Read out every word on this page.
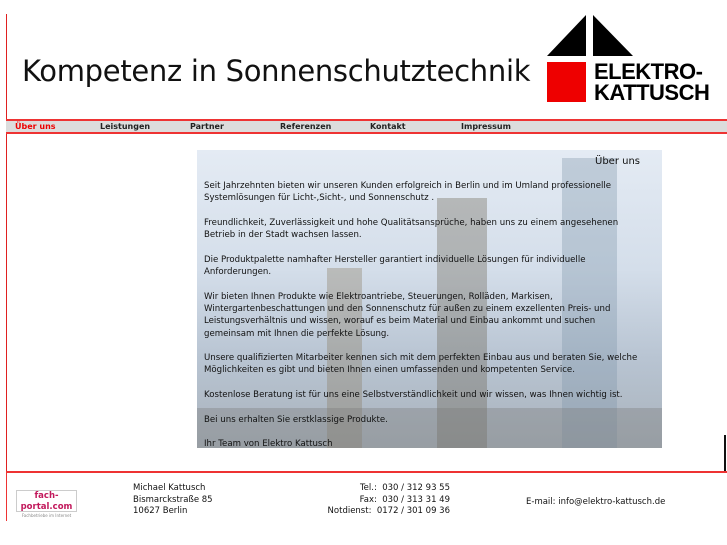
Kompetenz in Sonnenschutztechnik	ELEKTRO-
KATTUSCH
Über uns	Leistungen	Partner	Referenzen	Kontakt	Impressum
Über uns

Seit Jahrzehnten bieten wir unseren Kunden erfolgreich in Berlin und im Umland professionelle
Systemlösungen für Licht-,Sicht-, und Sonnenschutz .

Freundlichkeit, Zuverlässigkeit und hohe Qualitätsansprüche, haben uns zu einem angesehenen
Betrieb in der Stadt wachsen lassen.

Die Produktpalette namhafter Hersteller garantiert individuelle Lösungen für individuelle
Anforderungen.

Wir bieten Ihnen Produkte wie Elektroantriebe, Steuerungen, Rolläden, Markisen,
Wintergartenbeschattungen und den Sonnenschutz für außen zu einem exzellenten Preis- und
Leistungsverhältnis und wissen, worauf es beim Material und Einbau ankommt und suchen
gemeinsam mit Ihnen die perfekte Lösung.

Unsere qualifizierten Mitarbeiter kennen sich mit dem perfekten Einbau aus und beraten Sie, welche
Möglichkeiten es gibt und bieten Ihnen einen umfassenden und kompetenten Service.

Kostenlose Beratung ist für uns eine Selbstverständlichkeit und wir wissen, was Ihnen wichtig ist.

Bei uns erhalten Sie erstklassige Produkte.

Ihr Team von Elektro Kattusch

fach-portal.com
Fachbetriebe im Internet
Michael Kattusch
Bismarckstraße 85
10627 Berlin
Tel.:  030 / 312 93 55
Fax:  030 / 313 31 49
Notdienst:  0172 / 301 09 36
E-mail: info@elektro-kattusch.de
